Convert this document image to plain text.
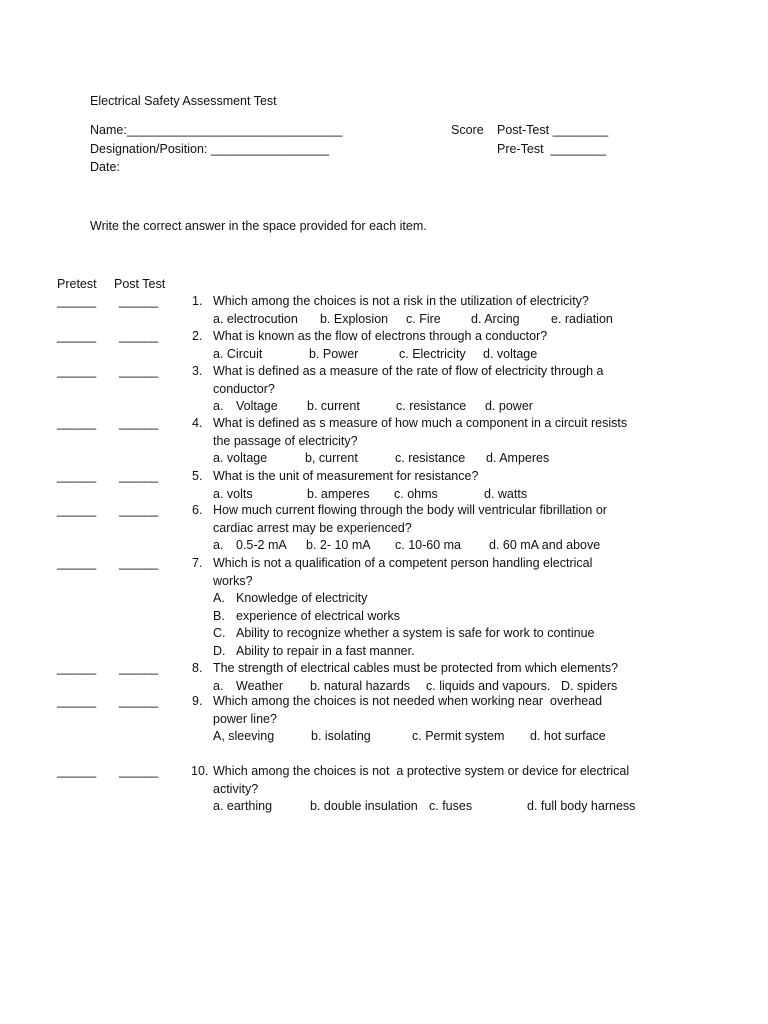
Electrical Safety Assessment Test
Name:_______________________________
Designation/Position: _________________
Date:
Score Post-Test ________
Pre-Test  ________
Write the correct answer in the space provided for each item.
Pretest Post Test
______ ______	1. Which among the choices is not a risk in the utilization of electricity?
a. electrocution b. Explosion c. Fire d. Arcing	e. radiation
______ ______	2. What is known as the flow of electrons through a conductor?
a. Circuit	b. Power	c. Electricity d. voltage
______ ______	3. What is defined as a measure of the rate of flow of electricity through a
conductor?
a. Voltage b. current	c. resistance d. power
______ ______	4. What is defined as s measure of how much a component in a circuit resists
the passage of electricity?
a. voltage	b, current	c. resistance d. Amperes
______ ______	5. What is the unit of measurement for resistance?
a. volts	b. amperes c. ohms	d. watts
______ ______	6. How much current flowing through the body will ventricular fibrillation or
cardiac arrest may be experienced?
a. 0.5-2 mA b. 2- 10 mA c. 10-60 ma d. 60 mA and above
______ ______	7. Which is not a qualification of a competent person handling electrical
works?
A. Knowledge of electricity
B. experience of electrical works
C. Ability to recognize whether a system is safe for work to continue
D. Ability to repair in a fast manner.
______ ______	8. The strength of electrical cables must be protected from which elements?
a. Weather b. natural hazards c. liquids and vapours. D. spiders
______ ______	9. Which among the choices is not needed when working near  overhead
power line?
A, sleeving	b. isolating	c. Permit system d. hot surface
______ ______	10. Which among the choices is not  a protective system or device for electrical
activity?
a. earthing	b. double insulation c. fuses	d. full body harness
